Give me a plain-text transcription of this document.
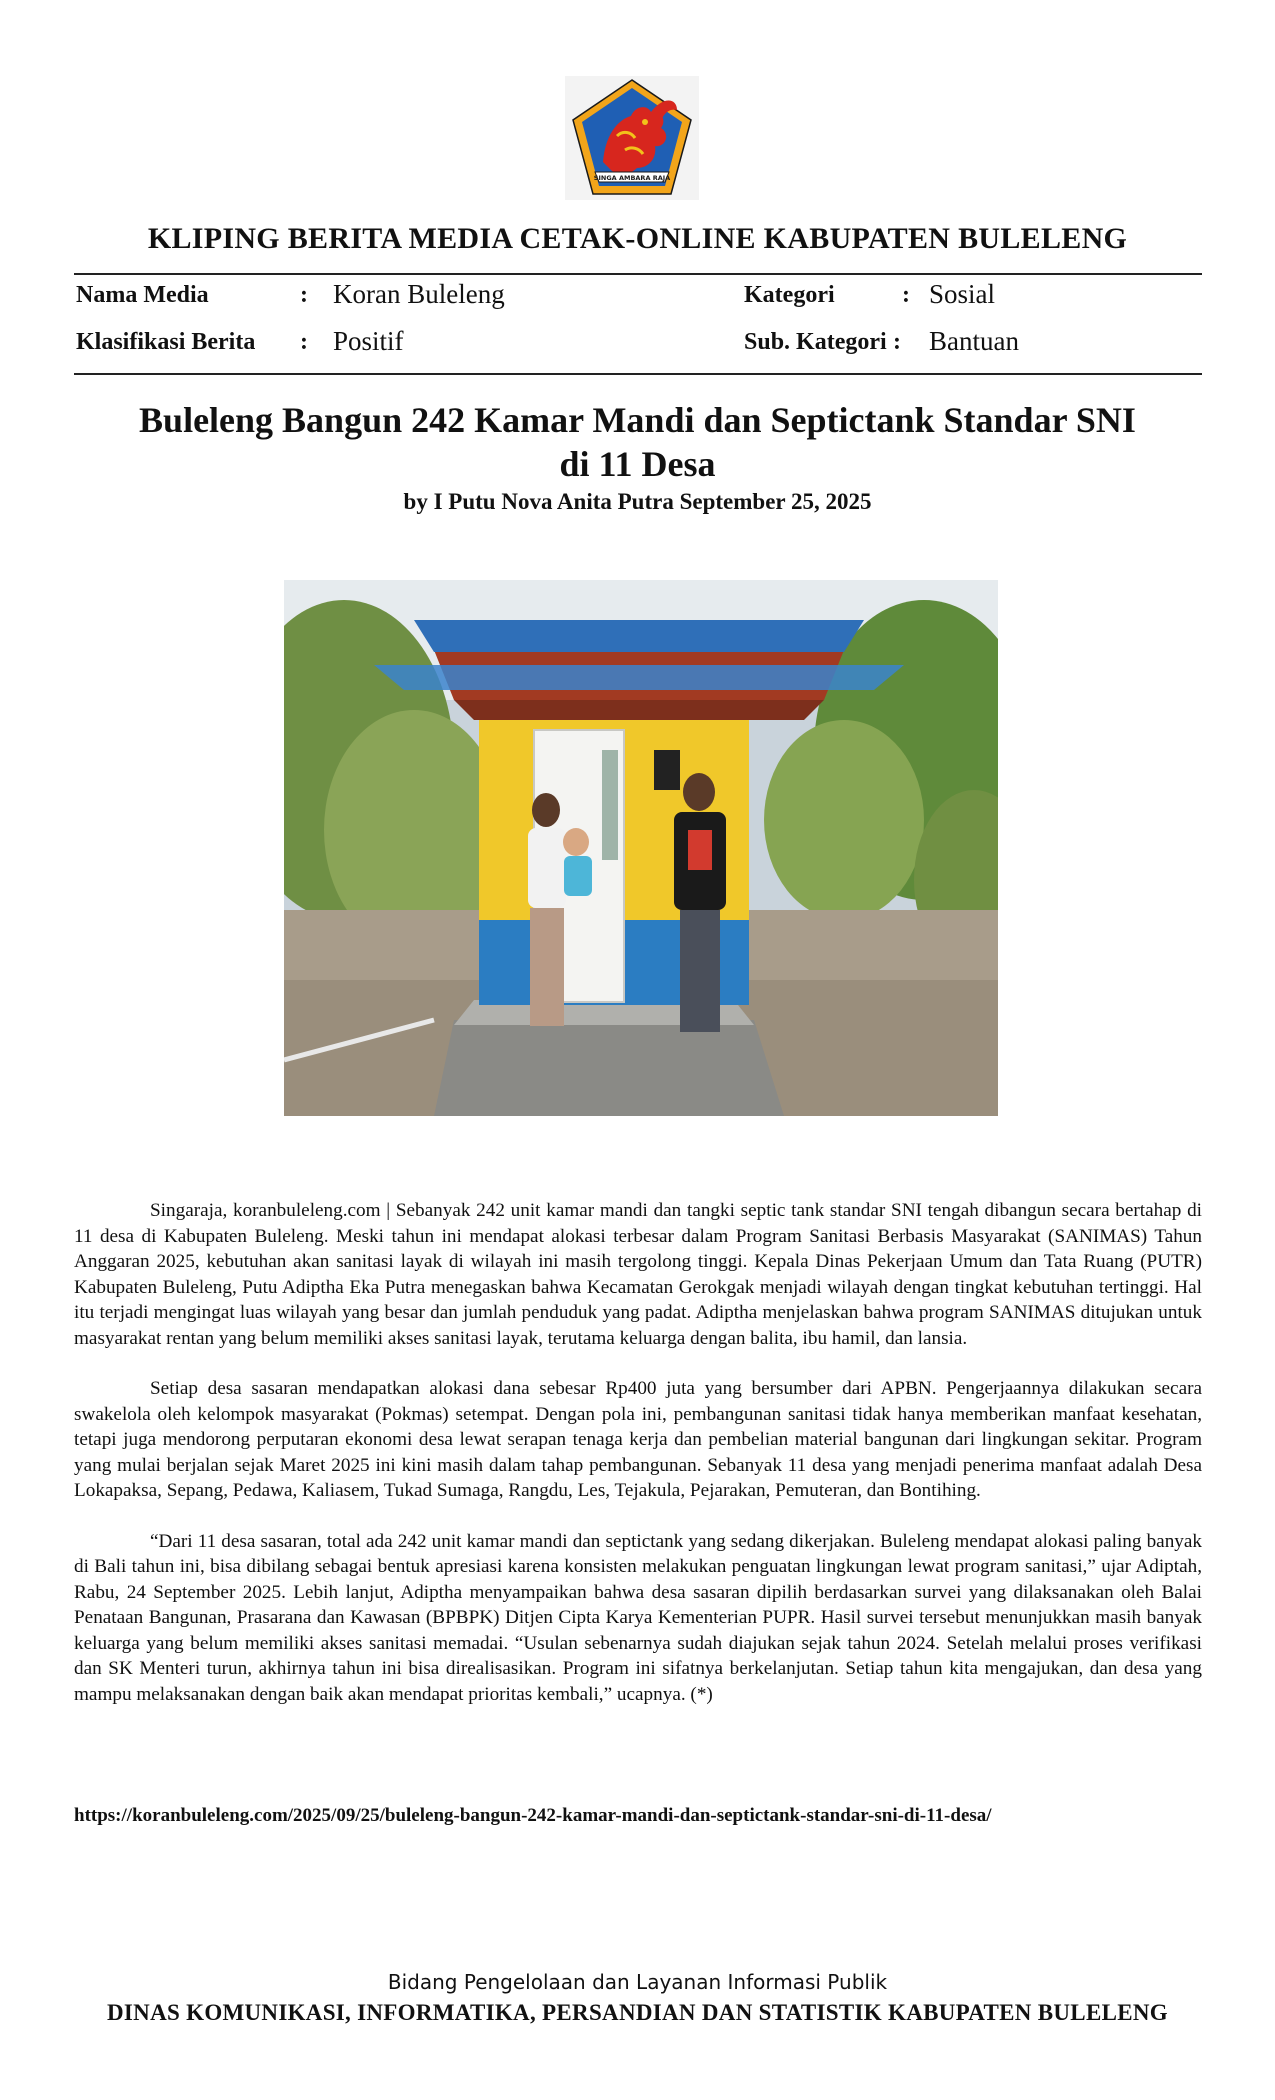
SINGA AMBARA RAJA
KLIPING BERITA MEDIA CETAK-ONLINE KABUPATEN BULELENG
Nama Media	: Koran Buleleng	Kategori	: Sosial
Klasifikasi Berita : Positif	Sub. Kategori : Bantuan
Buleleng Bangun 242 Kamar Mandi dan Septictank Standar SNI
di 11 Desa
by I Putu Nova Anita Putra September 25, 2025

Singaraja, koranbuleleng.com | Sebanyak 242 unit kamar mandi dan tangki septic tank standar SNI tengah dibangun secara bertahap di 11 desa di Kabupaten Buleleng. Meski tahun ini mendapat alokasi terbesar dalam Program Sanitasi Berbasis Masyarakat (SANIMAS) Tahun Anggaran 2025, kebutuhan akan sanitasi layak di wilayah ini masih tergolong tinggi. Kepala Dinas Pekerjaan Umum dan Tata Ruang (PUTR) Kabupaten Buleleng, Putu Adiptha Eka Putra menegaskan bahwa Kecamatan Gerokgak menjadi wilayah dengan tingkat kebutuhan tertinggi. Hal itu terjadi mengingat luas wilayah yang besar dan jumlah penduduk yang padat. Adiptha menjelaskan bahwa program SANIMAS ditujukan untuk masyarakat rentan yang belum memiliki akses sanitasi layak, terutama keluarga dengan balita, ibu hamil, dan lansia.

Setiap desa sasaran mendapatkan alokasi dana sebesar Rp400 juta yang bersumber dari APBN. Pengerjaannya dilakukan secara swakelola oleh kelompok masyarakat (Pokmas) setempat. Dengan pola ini, pembangunan sanitasi tidak hanya memberikan manfaat kesehatan, tetapi juga mendorong perputaran ekonomi desa lewat serapan tenaga kerja dan pembelian material bangunan dari lingkungan sekitar. Program yang mulai berjalan sejak Maret 2025 ini kini masih dalam tahap pembangunan. Sebanyak 11 desa yang menjadi penerima manfaat adalah Desa Lokapaksa, Sepang, Pedawa, Kaliasem, Tukad Sumaga, Rangdu, Les, Tejakula, Pejarakan, Pemuteran, dan Bontihing.

“Dari 11 desa sasaran, total ada 242 unit kamar mandi dan septictank yang sedang dikerjakan. Buleleng mendapat alokasi paling banyak di Bali tahun ini, bisa dibilang sebagai bentuk apresiasi karena konsisten melakukan penguatan lingkungan lewat program sanitasi,” ujar Adiptah, Rabu, 24 September 2025. Lebih lanjut, Adiptha menyampaikan bahwa desa sasaran dipilih berdasarkan survei yang dilaksanakan oleh Balai Penataan Bangunan, Prasarana dan Kawasan (BPBPK) Ditjen Cipta Karya Kementerian PUPR. Hasil survei tersebut menunjukkan masih banyak keluarga yang belum memiliki akses sanitasi memadai. “Usulan sebenarnya sudah diajukan sejak tahun 2024. Setelah melalui proses verifikasi dan SK Menteri turun, akhirnya tahun ini bisa direalisasikan. Program ini sifatnya berkelanjutan. Setiap tahun kita mengajukan, dan desa yang mampu melaksanakan dengan baik akan mendapat prioritas kembali,” ucapnya. (*)

https://koranbuleleng.com/2025/09/25/buleleng-bangun-242-kamar-mandi-dan-septictank-standar-sni-di-11-desa/
Bidang Pengelolaan dan Layanan Informasi Publik
DINAS KOMUNIKASI, INFORMATIKA, PERSANDIAN DAN STATISTIK KABUPATEN BULELENG
